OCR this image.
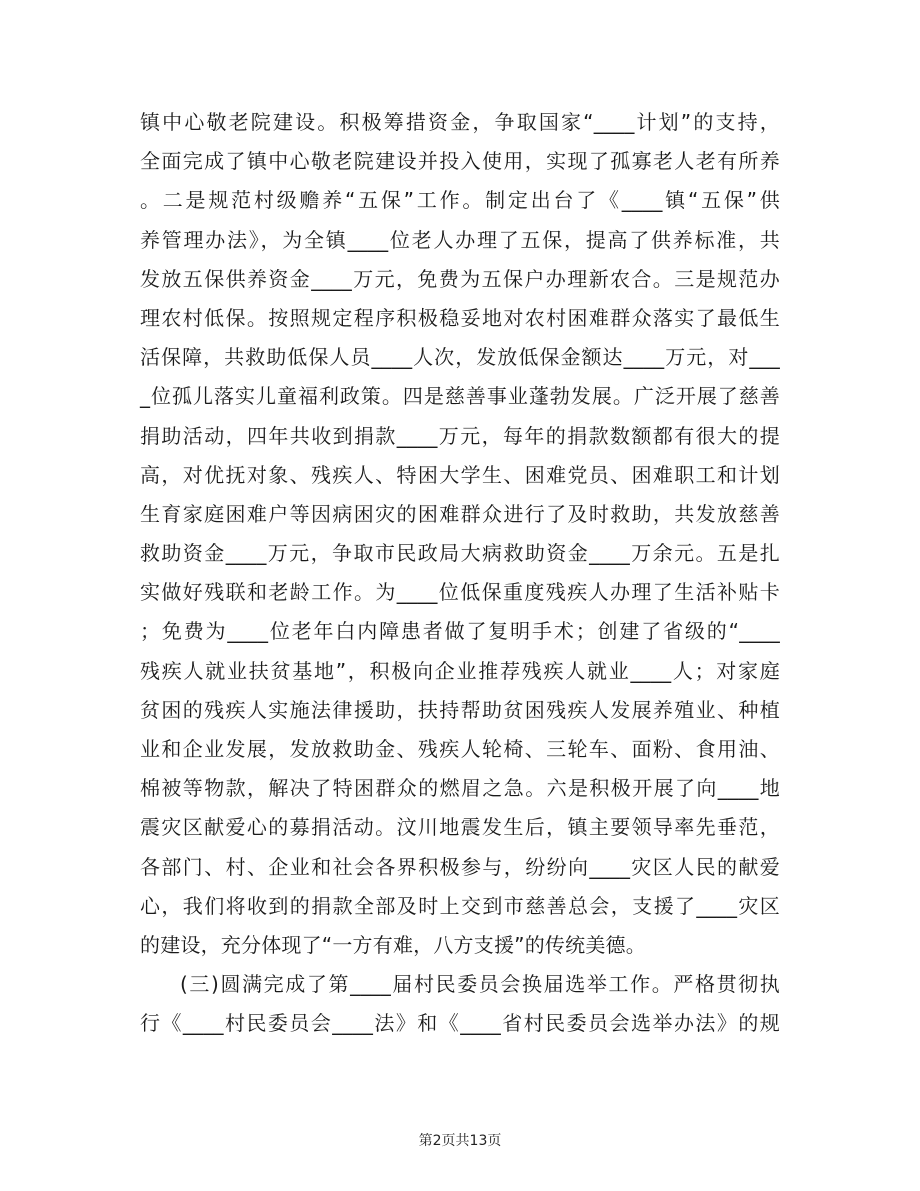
镇中心敬老院建设。积极筹措资金，争取国家“____计划”的支持，
全面完成了镇中心敬老院建设并投入使用，实现了孤寡老人老有所养
。二是规范村级赡养“五保”工作。制定出台了《____镇“五保”供
养管理办法》，为全镇____位老人办理了五保，提高了供养标准，共
发放五保供养资金____万元，免费为五保户办理新农合。三是规范办
理农村低保。按照规定程序积极稳妥地对农村困难群众落实了最低生
活保障，共救助低保人员____人次，发放低保金额达____万元，对___
_位孤儿落实儿童福利政策。四是慈善事业蓬勃发展。广泛开展了慈善
捐助活动，四年共收到捐款____万元，每年的捐款数额都有很大的提
高，对优抚对象、残疾人、特困大学生、困难党员、困难职工和计划
生育家庭困难户等因病困灾的困难群众进行了及时救助，共发放慈善
救助资金____万元，争取市民政局大病救助资金____万余元。五是扎
实做好残联和老龄工作。为____位低保重度残疾人办理了生活补贴卡
；免费为____位老年白内障患者做了复明手术；创建了省级的“____
残疾人就业扶贫基地”，积极向企业推荐残疾人就业____人；对家庭
贫困的残疾人实施法律援助，扶持帮助贫困残疾人发展养殖业、种植
业和企业发展，发放救助金、残疾人轮椅、三轮车、面粉、食用油、
棉被等物款，解决了特困群众的燃眉之急。六是积极开展了向____地
震灾区献爱心的募捐活动。汶川地震发生后，镇主要领导率先垂范，
各部门、村、企业和社会各界积极参与，纷纷向____灾区人民的献爱
心，我们将收到的捐款全部及时上交到市慈善总会，支援了____灾区
的建设，充分体现了“一方有难，八方支援”的传统美德。
(三)圆满完成了第____届村民委员会换届选举工作。严格贯彻执
行《____村民委员会____法》和《____省村民委员会选举办法》的规
第2页共13页
